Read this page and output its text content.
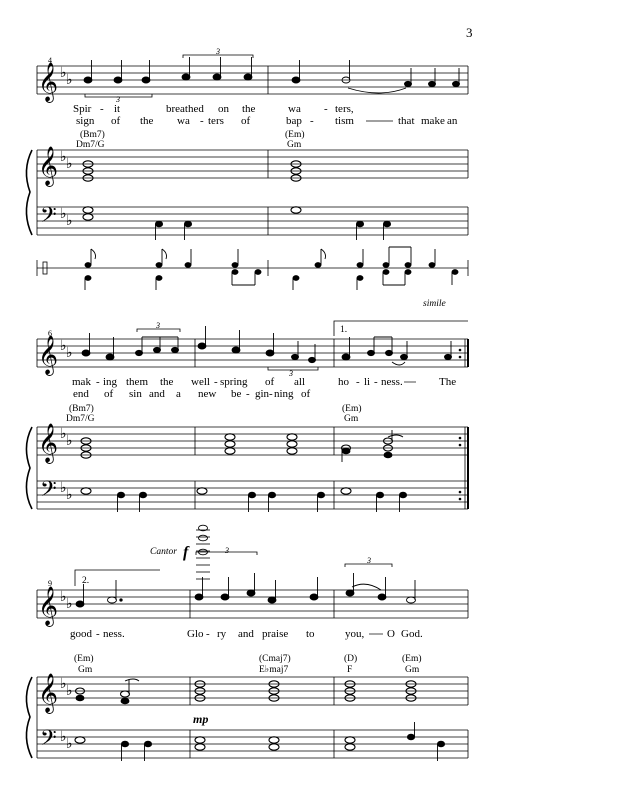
3
4
𝄞 ♭ ♭
3
3
Spir - it	breathed on the	wa - ters,
sign of the wa - ters of	bap - tism	that make an
(Bm7)
Dm7/G
(Em)
Gm
𝄞
𝄢
♭ ♭
♭ ♭
simile
6	1.
𝄞 ♭ ♭
3
3
mak - ing them the well - spring of all	ho - li - ness.	The
end of sin and a new be - gin - ning of
(Bm7)
Dm7/G
(Em)
Gm
𝄞
𝄢
♭ ♭
♭ ♭
9	2.
Cantor f
𝄞 ♭ ♭
3
3
good - ness.	Glo - ry and praise to	you, O God.
(Em)
Gm
(Cmaj7)
E♭maj7
(D)
F
(Em)
Gm
𝄞
𝄢
♭ ♭
♭ ♭
mp
